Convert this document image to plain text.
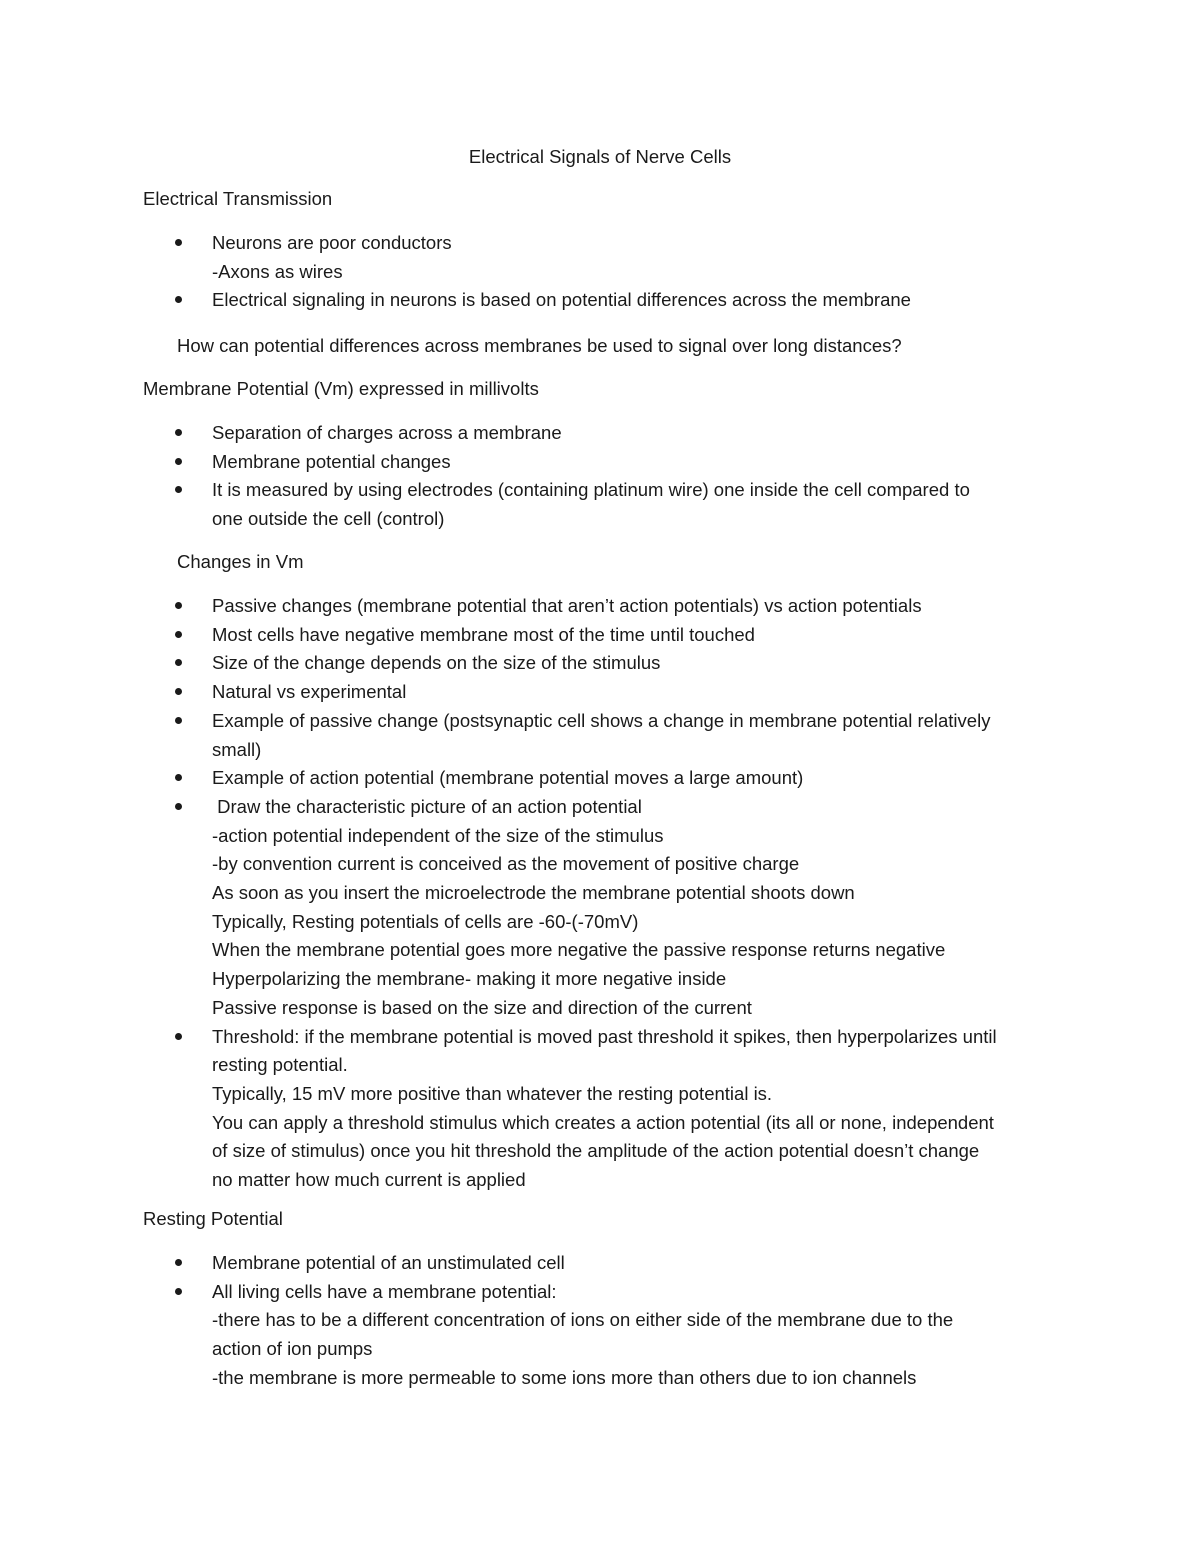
Electrical Signals of Nerve Cells
Electrical Transmission
• Neurons are poor conductors
-Axons as wires
• Electrical signaling in neurons is based on potential differences across the membrane
How can potential differences across membranes be used to signal over long distances?
Membrane Potential (Vm) expressed in millivolts
• Separation of charges across a membrane
• Membrane potential changes
• It is measured by using electrodes (containing platinum wire) one inside the cell compared to
one outside the cell (control)
Changes in Vm
• Passive changes (membrane potential that aren’t action potentials) vs action potentials
• Most cells have negative membrane most of the time until touched
• Size of the change depends on the size of the stimulus
• Natural vs experimental
• Example of passive change (postsynaptic cell shows a change in membrane potential relatively
small)
• Example of action potential (membrane potential moves a large amount)
•  Draw the characteristic picture of an action potential
-action potential independent of the size of the stimulus
-by convention current is conceived as the movement of positive charge
As soon as you insert the microelectrode the membrane potential shoots down
Typically, Resting potentials of cells are -60-(-70mV)
When the membrane potential goes more negative the passive response returns negative
Hyperpolarizing the membrane- making it more negative inside
Passive response is based on the size and direction of the current
• Threshold: if the membrane potential is moved past threshold it spikes, then hyperpolarizes until
resting potential.
Typically, 15 mV more positive than whatever the resting potential is.
You can apply a threshold stimulus which creates a action potential (its all or none, independent
of size of stimulus) once you hit threshold the amplitude of the action potential doesn’t change
no matter how much current is applied
Resting Potential
• Membrane potential of an unstimulated cell
• All living cells have a membrane potential:
-there has to be a different concentration of ions on either side of the membrane due to the
action of ion pumps
-the membrane is more permeable to some ions more than others due to ion channels
